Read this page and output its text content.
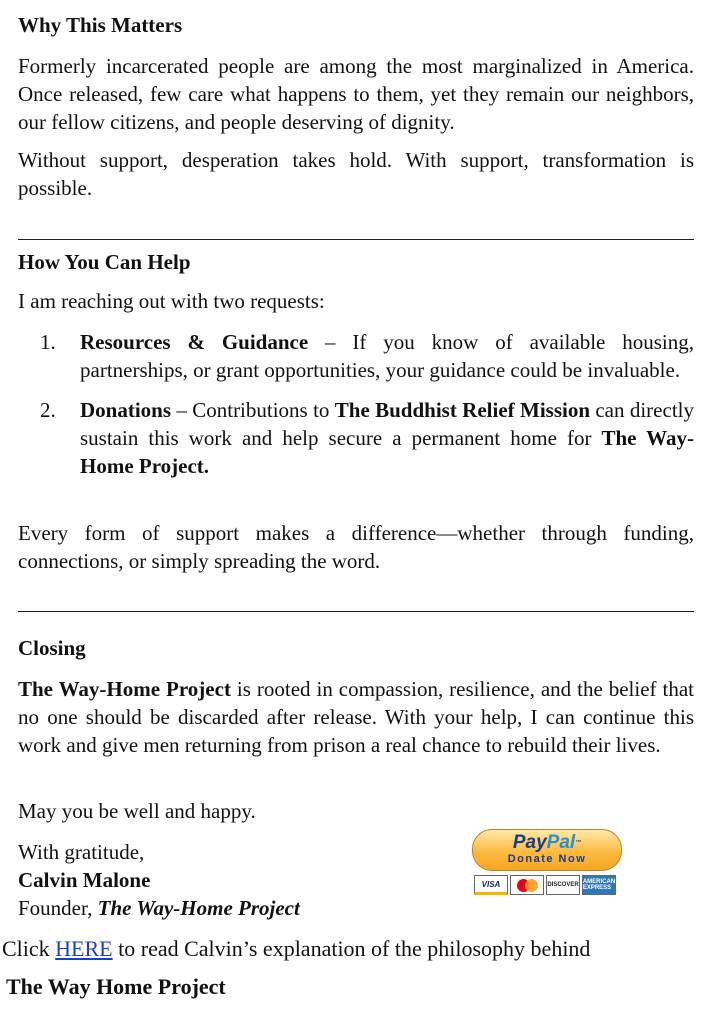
Why This Matters

Formerly incarcerated people are among the most marginalized in America. Once released, few care what happens to them, yet they remain our neighbors, our fellow citizens, and people deserving of dignity.

Without support, desperation takes hold. With support, transformation is possible.

How You Can Help

I am reaching out with two requests:

1. Resources & Guidance – If you know of available housing, partnerships, or grant opportunities, your guidance could be invaluable.
2. Donations – Contributions to The Buddhist Relief Mission can directly sustain this work and help secure a permanent home for The Way-Home Project.

Every form of support makes a difference—whether through funding, connections, or simply spreading the word.

Closing

The Way-Home Project is rooted in compassion, resilience, and the belief that no one should be discarded after release. With your help, I can continue this work and give men returning from prison a real chance to rebuild their lives.

May you be well and happy.

With gratitude,

Calvin Malone

Founder, The Way-Home Project

PayPal™
Donate Now
VISA	DISCOVER AMERICAN EXPRESS

Click HERE to read Calvin’s explanation of the philosophy behind

The Way Home Project
